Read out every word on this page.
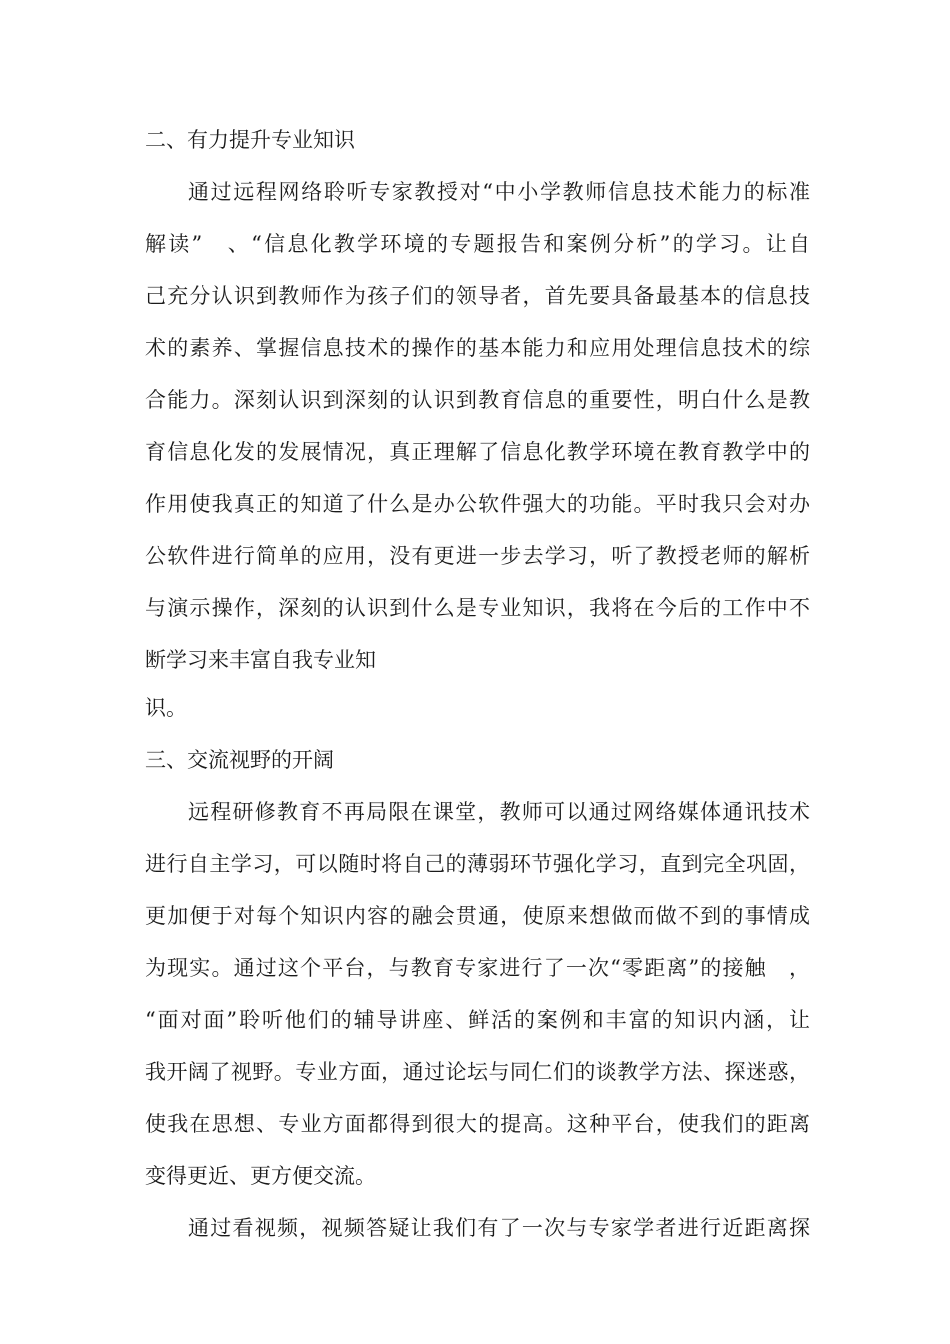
二、有力提升专业知识
通过远程网络聆听专家教授对“中小学教师信息技术能力的标准
解读”　、“信息化教学环境的专题报告和案例分析”的学习。让自
己充分认识到教师作为孩子们的领导者，首先要具备最基本的信息技
术的素养、掌握信息技术的操作的基本能力和应用处理信息技术的综
合能力。深刻认识到深刻的认识到教育信息的重要性，明白什么是教
育信息化发的发展情况，真正理解了信息化教学环境在教育教学中的
作用使我真正的知道了什么是办公软件强大的功能。平时我只会对办
公软件进行简单的应用，没有更进一步去学习，听了教授老师的解析
与演示操作，深刻的认识到什么是专业知识，我将在今后的工作中不
断学习来丰富自我专业知
识。
三、交流视野的开阔
远程研修教育不再局限在课堂，教师可以通过网络媒体通讯技术
进行自主学习，可以随时将自己的薄弱环节强化学习，直到完全巩固，
更加便于对每个知识内容的融会贯通，使原来想做而做不到的事情成
为现实。通过这个平台，与教育专家进行了一次“零距离”的接触　，
“面对面”聆听他们的辅导讲座、鲜活的案例和丰富的知识内涵，让
我开阔了视野。专业方面，通过论坛与同仁们的谈教学方法、探迷惑，
使我在思想、专业方面都得到很大的提高。这种平台，使我们的距离
变得更近、更方便交流。
通过看视频，视频答疑让我们有了一次与专家学者进行近距离探
